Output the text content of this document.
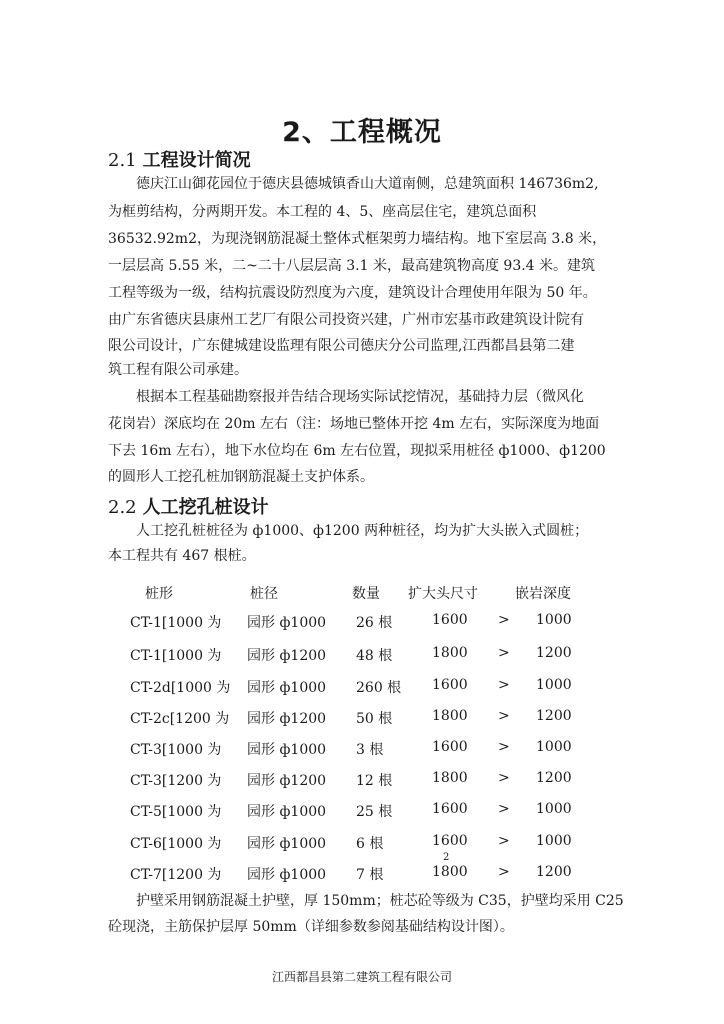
2、工程概况
2.1 工程设计简况
德庆江山御花园位于德庆县德城镇香山大道南侧，总建筑面积 146736m2,
为框剪结构，分两期开发。本工程的 4、5、座高层住宅，建筑总面积
36532.92m2，为现浇钢筋混凝土整体式框架剪力墙结构。地下室层高 3.8 米，
一层层高 5.55 米，二~二十八层层高 3.1 米，最高建筑物高度 93.4 米。建筑
工程等级为一级，结构抗震设防烈度为六度，建筑设计合理使用年限为 50 年。
由广东省德庆县康州工艺厂有限公司投资兴建，广州市宏基市政建筑设计院有
限公司设计，广东健城建设监理有限公司德庆分公司监理,江西都昌县第二建
筑工程有限公司承建。
根据本工程基础勘察报并告结合现场实际试挖情况，基础持力层（微风化
花岗岩）深底均在 20m 左右（注：场地已整体开挖 4m 左右，实际深度为地面
下去 16m 左右），地下水位均在 6m 左右位置，现拟采用桩径 ф1000、ф1200
的圆形人工挖孔桩加钢筋混凝土支护体系。
2.2 人工挖孔桩设计
人工挖孔桩桩径为 ф1000、ф1200 两种桩径，均为扩大头嵌入式圆桩；
本工程共有 467 根桩。
桩形	桩径	数量 扩大头尺寸	嵌岩深度
CT-1[1000 为 园形 ф1000 26 根	1600 > 1000
CT-1[1000 为 园形 ф1200 48 根	1800 > 1200
CT-2d[1000 为 园形 ф1000 260 根 1600 > 1000
CT-2c[1200 为 园形 ф1200 50 根	1800 > 1200
CT-3[1000 为 园形 ф1000 3 根	1600 > 1000
CT-3[1200 为 园形 ф1200 12 根	1800 > 1200
CT-5[1000 为 园形 ф1000 25 根	1600 > 1000
CT-6[1000 为 园形 ф1000 6 根	1600 > 1000
2
CT-7[1200 为 园形 ф1000 7 根	1800 > 1200
护壁采用钢筋混凝土护壁，厚 150mm；桩芯砼等级为 C35，护壁均采用 C25
砼现浇，主筋保护层厚 50mm（详细参数参阅基础结构设计图）。
江西都昌县第二建筑工程有限公司
